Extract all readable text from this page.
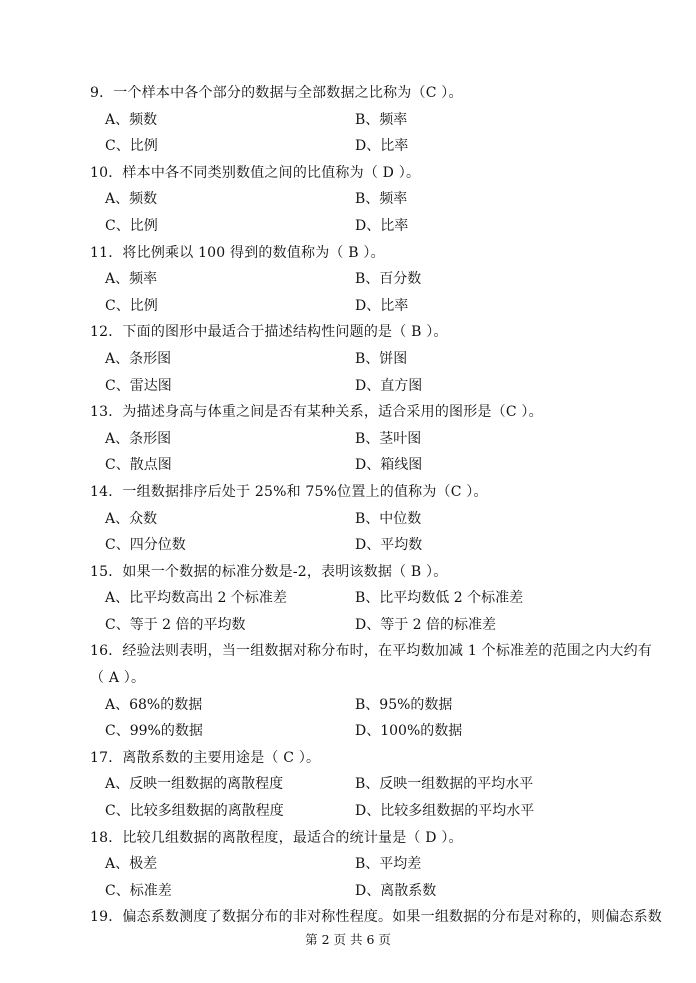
9．一个样本中各个部分的数据与全部数据之比称为（C ）。
A、频数	B、频率
C、比例	D、比率
10．样本中各不同类别数值之间的比值称为（ D ）。
A、频数	B、频率
C、比例	D、比率
11．将比例乘以 100 得到的数值称为（ B ）。
A、频率	B、百分数
C、比例	D、比率
12．下面的图形中最适合于描述结构性问题的是（ B ）。
A、条形图	B、饼图
C、雷达图	D、直方图
13．为描述身高与体重之间是否有某种关系，适合采用的图形是（C ）。
A、条形图	B、茎叶图
C、散点图	D、箱线图
14．一组数据排序后处于 25%和 75%位置上的值称为（C ）。
A、众数	B、中位数
C、四分位数	D、平均数
15．如果一个数据的标准分数是-2，表明该数据（ B ）。
A、比平均数高出 2 个标准差	B、比平均数低 2 个标准差
C、等于 2 倍的平均数	D、等于 2 倍的标准差
16．经验法则表明，当一组数据对称分布时，在平均数加减 1 个标准差的范围之内大约有
（ A ）。
A、68%的数据	B、95%的数据
C、99%的数据	D、100%的数据
17．离散系数的主要用途是（ C ）。
A、反映一组数据的离散程度	B、反映一组数据的平均水平
C、比较多组数据的离散程度	D、比较多组数据的平均水平
18．比较几组数据的离散程度，最适合的统计量是（ D ）。
A、极差	B、平均差
C、标准差	D、离散系数
19．偏态系数测度了数据分布的非对称性程度。如果一组数据的分布是对称的，则偏态系数
第 2 页 共 6 页
